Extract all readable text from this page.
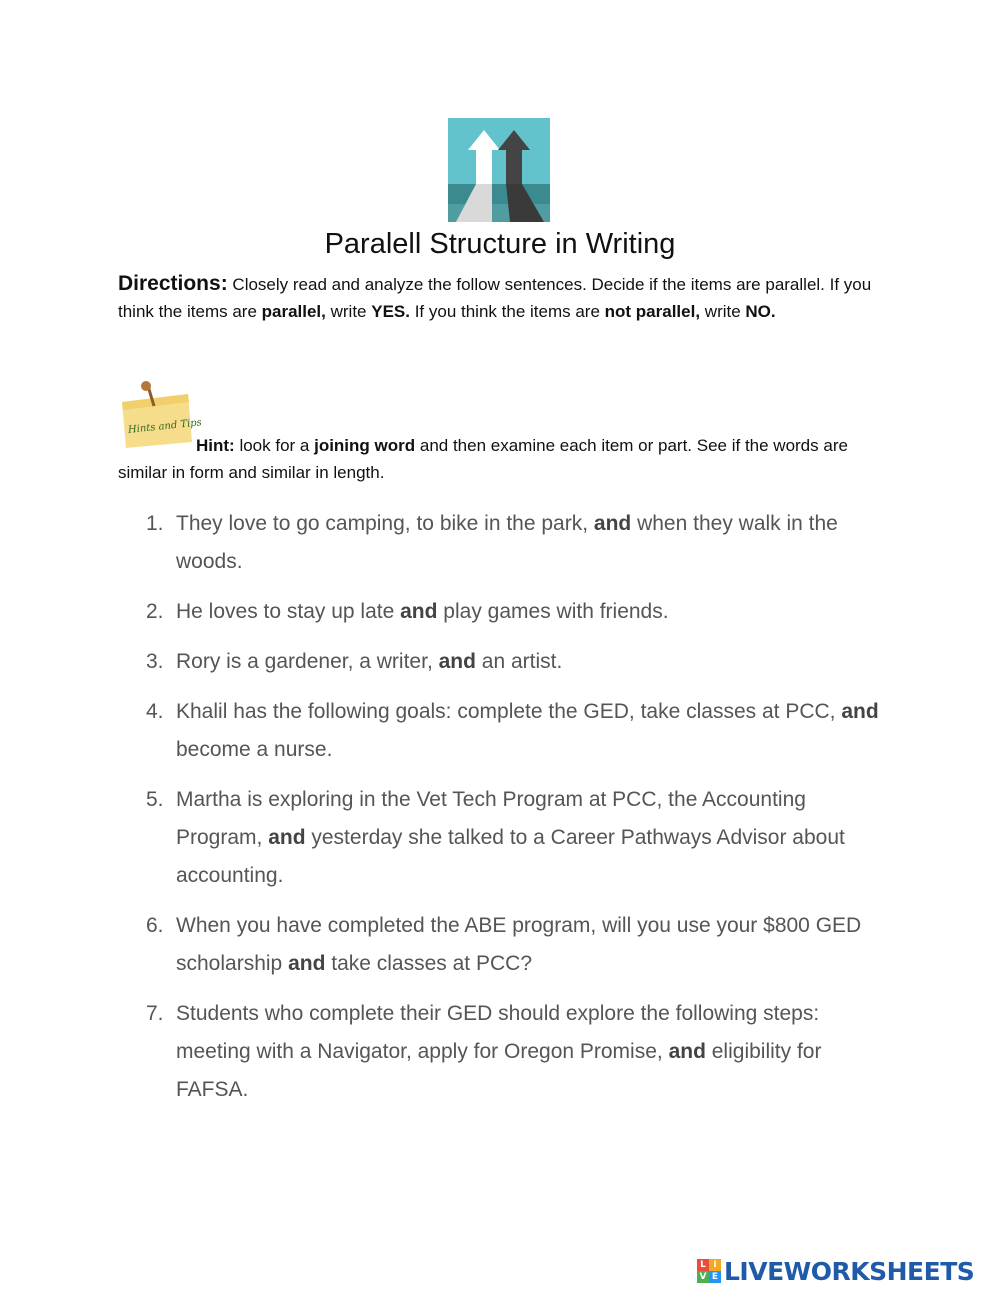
Paralell Structure in Writing
Directions: Closely read and analyze the follow sentences. Decide if the items are parallel. If you think the items are parallel, write YES. If you think the items are not parallel, write NO.
Hints and Tips
Hint: look for a joining word and then examine each item or part. See if the words are similar in form and similar in length.
1. They love to go camping, to bike in the park, and when they walk in the woods.
2. He loves to stay up late and play games with friends.
3. Rory is a gardener, a writer, and an artist.
4. Khalil has the following goals: complete the GED, take classes at PCC, and become a nurse.
5. Martha is exploring in the Vet Tech Program at PCC, the Accounting Program, and yesterday she talked to a Career Pathways Advisor about accounting.
6. When you have completed the ABE program, will you use your $800 GED scholarship and take classes at PCC?
7. Students who complete their GED should explore the following steps: meeting with a Navigator, apply for Oregon Promise, and eligibility for FAFSA.
L I
V E LIVEWORKSHEETS
